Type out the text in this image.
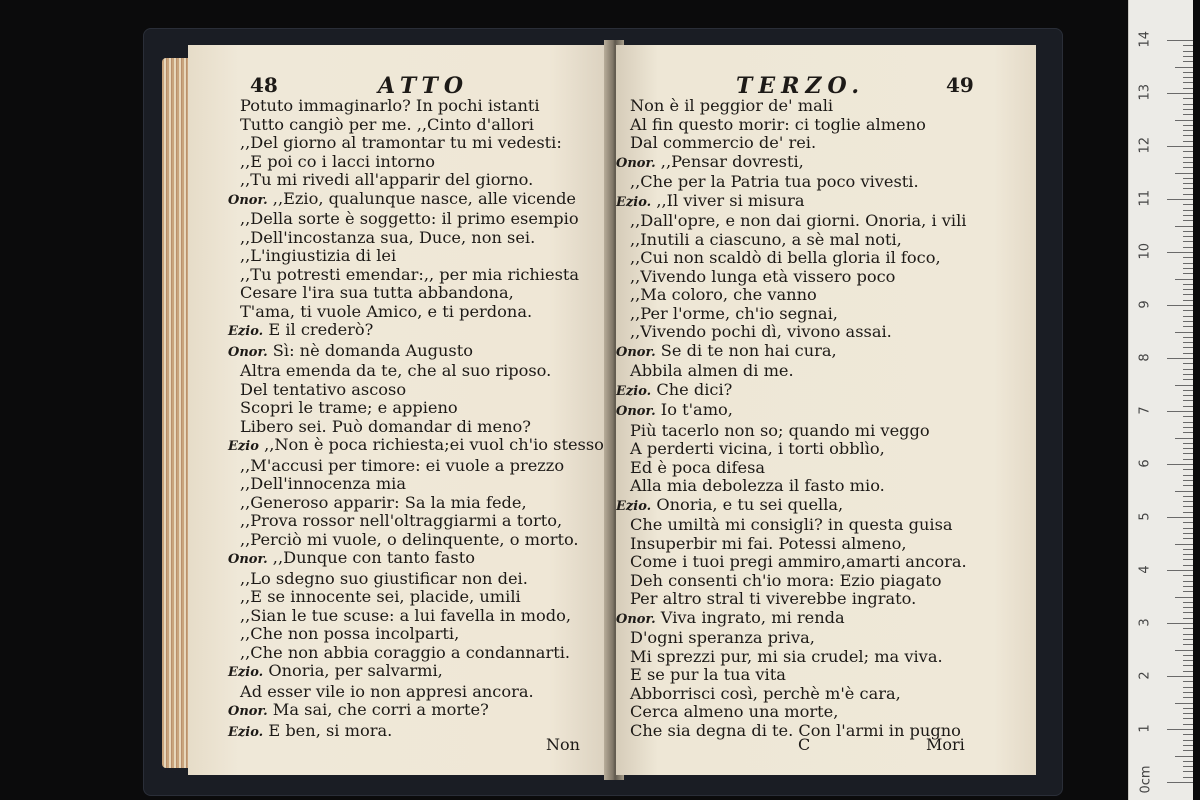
48	ATTO
Potuto immaginarlo? In pochi istanti
Tutto cangiò per me. ,,Cinto d'allori
,,Del giorno al tramontar tu mi vedesti:
,,E poi co i lacci intorno
,,Tu mi rivedi all'apparir del giorno.
Onor. ,,Ezio, qualunque nasce, alle vicende
,,Della sorte è soggetto: il primo esempio
,,Dell'incostanza sua, Duce, non sei.
,,L'ingiustizia di lei
,,Tu potresti emendar:,, per mia richiesta
Cesare l'ira sua tutta abbandona,
T'ama, ti vuole Amico, e ti perdona.
Ezio. E il crederò?
Onor. Sì: nè domanda Augusto
Altra emenda da te, che al suo riposo.
Del tentativo ascoso
Scopri le trame; e appieno
Libero sei. Può domandar di meno?
Ezio ,,Non è poca richiesta;ei vuol ch'io stesso
,,M'accusi per timore: ei vuole a prezzo
,,Dell'innocenza mia
,,Generoso apparir: Sa la mia fede,
,,Prova rossor nell'oltraggiarmi a torto,
,,Perciò mi vuole, o delinquente, o morto.
Onor. ,,Dunque con tanto fasto
,,Lo sdegno suo giustificar non dei.
,,E se innocente sei, placide, umili
,,Sian le tue scuse: a lui favella in modo,
,,Che non possa incolparti,
,,Che non abbia coraggio a condannarti.
Ezio. Onoria, per salvarmi,
Ad esser vile io non appresi ancora.
Onor. Ma sai, che corri a morte?
Ezio. E ben, si mora.
Non
TERZO.	49
Non è il peggior de' mali
Al fin questo morir: ci toglie almeno
Dal commercio de' rei.
Onor. ,,Pensar dovresti,
,,Che per la Patria tua poco vivesti.
Ezio. ,,Il viver si misura
,,Dall'opre, e non dai giorni. Onoria, i vili
,,Inutili a ciascuno, a sè mal noti,
,,Cui non scaldò di bella gloria il foco,
,,Vivendo lunga età vissero poco
,,Ma coloro, che vanno
,,Per l'orme, ch'io segnai,
,,Vivendo pochi dì, vivono assai.
Onor. Se di te non hai cura,
Abbila almen di me.
Ezio. Che dici?
Onor. Io t'amo,
Più tacerlo non so; quando mi veggo
A perderti vicina, i torti obblìo,
Ed è poca difesa
Alla mia debolezza il fasto mio.
Ezio. Onoria, e tu sei quella,
Che umiltà mi consigli? in questa guisa
Insuperbir mi fai. Potessi almeno,
Come i tuoi pregi ammiro,amarti ancora.
Deh consenti ch'io mora: Ezio piagato
Per altro stral ti viverebbe ingrato.
Onor. Viva ingrato, mi renda
D'ogni speranza priva,
Mi sprezzi pur, mi sia crudel; ma viva.
E se pur la tua vita
Abborrisci così, perchè m'è cara,
Cerca almeno una morte,
Che sia degna di te. Con l'armi in pugno
C	Mori
14
13
12
11
10
9
8
7
6
5
4
3
2
1
0cm
